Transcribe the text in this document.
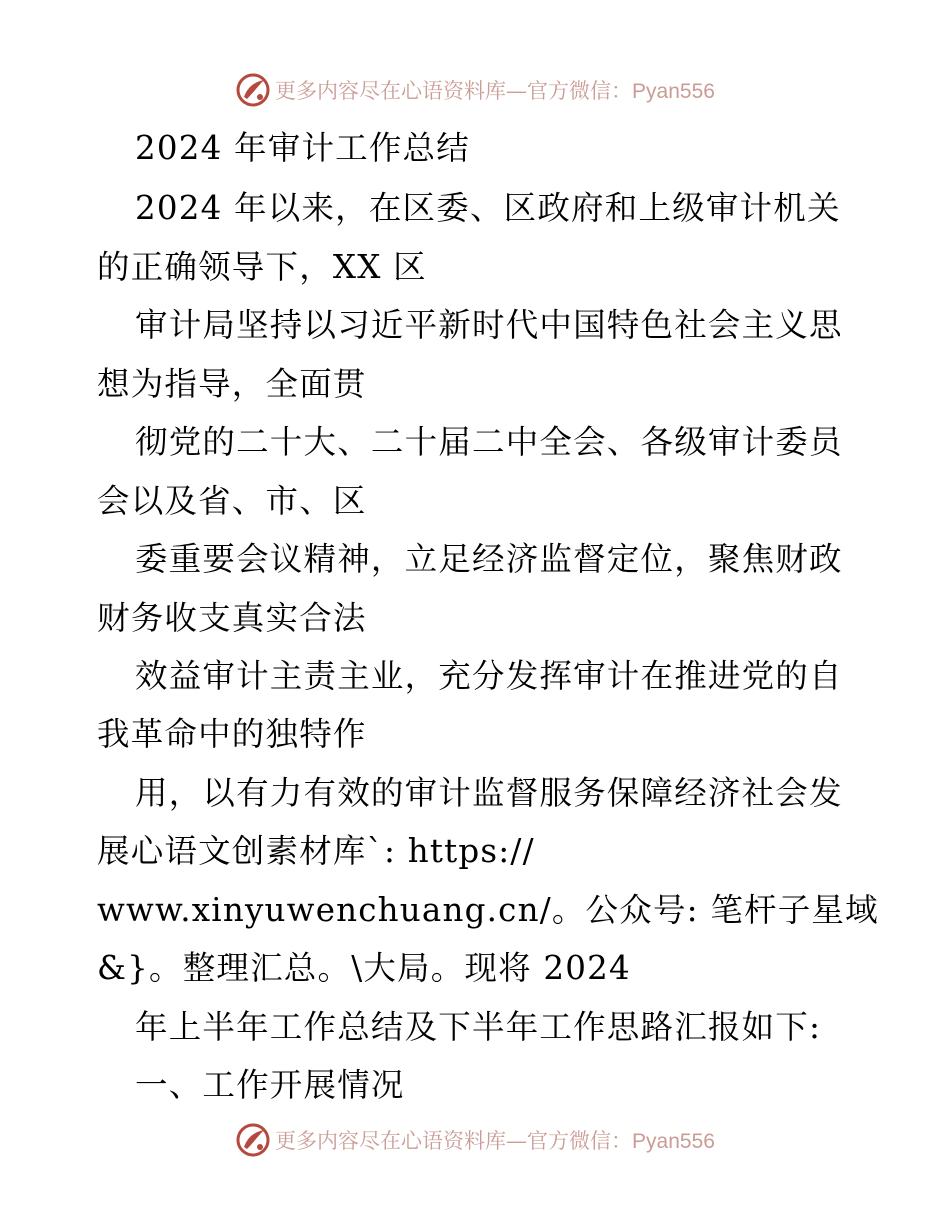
更多内容尽在心语资料库—官方微信：Pyan556
2024 年审计工作总结
2024 年以来，在区委、区政府和上级审计机关
的正确领导下，XX 区
审计局坚持以习近平新时代中国特色社会主义思
想为指导，全面贯
彻党的二十大、二十届二中全会、各级审计委员
会以及省、市、区
委重要会议精神，立足经济监督定位，聚焦财政
财务收支真实合法
效益审计主责主业，充分发挥审计在推进党的自
我革命中的独特作
用，以有力有效的审计监督服务保障经济社会发
展心语文创素材库`: https://
www.xinyuwenchuang.cn/。公众号: 笔杆子星域
&}。整理汇总。\大局。现将 2024
年上半年工作总结及下半年工作思路汇报如下:
一、工作开展情况
更多内容尽在心语资料库—官方微信：Pyan556
